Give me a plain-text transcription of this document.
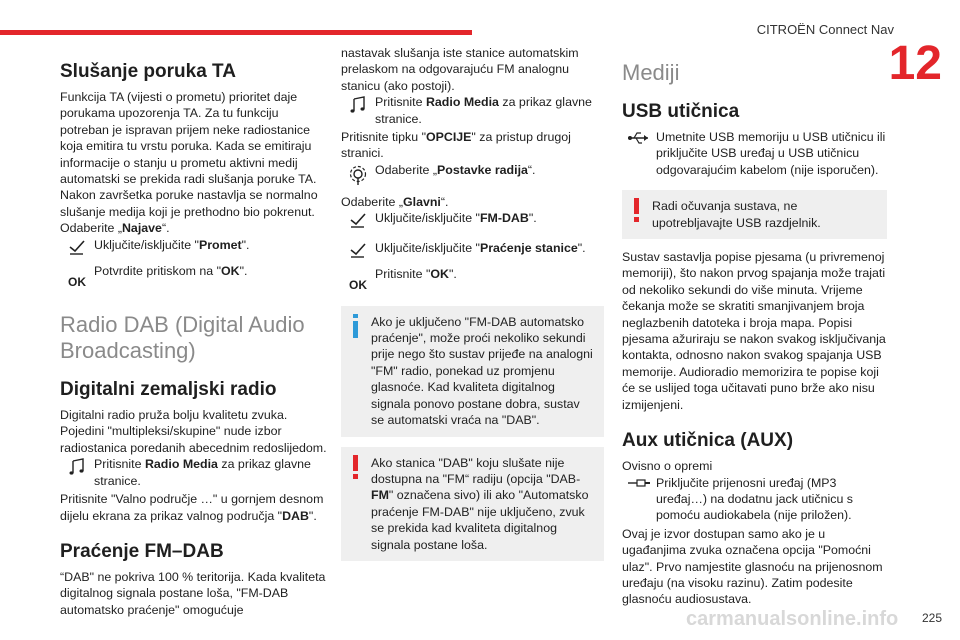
CITROËN Connect Nav
12
Slušanje poruka TA

Funkcija TA (vijesti o prometu) prioritet daje porukama upozorenja TA. Za tu funkciju potreban je ispravan prijem neke radiostanice koja emitira tu vrstu poruka. Kada se emitiraju informacije o stanju u prometu aktivni medij automatski se prekida radi slušanja poruke TA. Nakon završetka poruke nastavlja se normalno slušanje medija koji je prethodno bio pokrenut.

Odaberite „Najave“.

Uključite/isključite "Promet".

OK

Potvrdite pritiskom na "OK".

Radio DAB (Digital Audio Broadcasting)
Digitalni zemaljski radio

Digitalni radio pruža bolju kvalitetu zvuka. Pojedini "multipleksi/skupine" nude izbor radiostanica poredanih abecednim redoslijedom.

Pritisnite Radio Media za prikaz glavne stranice.

Pritisnite "Valno područje …" u gornjem desnom dijelu ekrana za prikaz valnog područja "DAB".

Praćenje FM–DAB

“DAB" ne pokriva 100 % teritorija. Kada kvaliteta digitalnog signala postane loša, "FM-DAB automatsko praćenje" omogućuje

nastavak slušanja iste stanice automatskim prelaskom na odgovarajuću FM analognu stanicu (ako postoji).

Pritisnite Radio Media za prikaz glavne stranice.

Pritisnite tipku "OPCIJE" za pristup drugoj stranici.

Odaberite „Postavke radija“.

Odaberite „Glavni“.

Uključite/isključite "FM-DAB".

Uključite/isključite "Praćenje stanice".

OK

Pritisnite "OK".

Ako je uključeno "FM-DAB automatsko praćenje", može proći nekoliko sekundi prije nego što sustav prijeđe na analogni "FM" radio, ponekad uz promjenu glasnoće. Kad kvaliteta digitalnog signala ponovo postane dobra, sustav se automatski vraća na "DAB".

Ako stanica "DAB" koju slušate nije dostupna na "FM“ radiju (opcija "DAB-FM" označena sivo) ili ako "Automatsko praćenje FM-DAB" nije uključeno, zvuk se prekida kad kvaliteta digitalnog signala postane loša.

Mediji
USB utičnica

Umetnite USB memoriju u USB utičnicu ili priključite USB uređaj u USB utičnicu odgovarajućim kabelom (nije isporučen).

Radi očuvanja sustava, ne upotrebljavajte USB razdjelnik.

Sustav sastavlja popise pjesama (u privremenoj memoriji), što nakon prvog spajanja može trajati od nekoliko sekundi do više minuta. Vrijeme čekanja može se skratiti smanjivanjem broja neglazbenih datoteka i broja mapa. Popisi pjesama ažuriraju se nakon svakog isključivanja kontakta, odnosno nakon svakog spajanja USB memorije. Audioradio memorizira te popise koji će se uslijed toga učitavati puno brže ako nisu izmijenjeni.

Aux utičnica (AUX)

Ovisno o opremi

Priključite prijenosni uređaj (MP3 uređaj…) na dodatnu jack utičnicu s pomoću audiokabela (nije priložen).

Ovaj je izvor dostupan samo ako je u ugađanjima zvuka označena opcija "Pomoćni ulaz". Prvo namjestite glasnoću na prijenosnom uređaju (na visoku razinu). Zatim podesite glasnoću audiosustava.

carmanualsonline.info 225
